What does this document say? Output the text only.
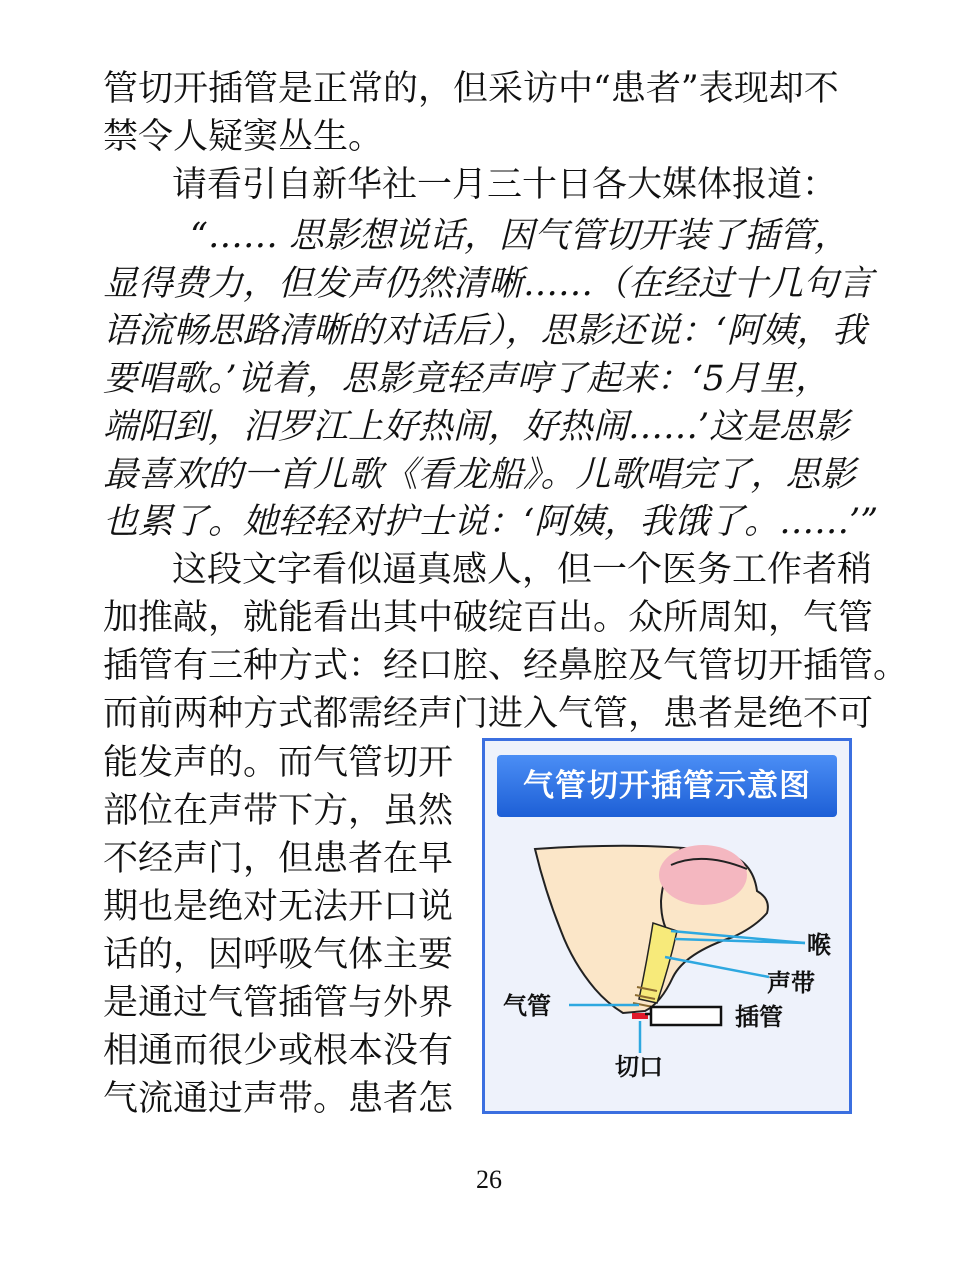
管切开插管是正常的，但采访中“患者”表现却不
禁令人疑窦丛生。
请看引自新华社一月三十日各大媒体报道：
“…… 思影想说话，因气管切开装了插管，
显得费力，但发声仍然清晰……（在经过十几句言
语流畅思路清晰的对话后），思影还说：‘阿姨，我
要唱歌。’说着，思影竟轻声哼了起来：‘5月里，
端阳到，汨罗江上好热闹，好热闹……’这是思影
最喜欢的一首儿歌《看龙船》。儿歌唱完了，思影
也累了。她轻轻对护士说：‘阿姨，我饿了。……’”
这段文字看似逼真感人，但一个医务工作者稍
加推敲，就能看出其中破绽百出。众所周知，气管
插管有三种方式：经口腔、经鼻腔及气管切开插管。
而前两种方式都需经声门进入气管，患者是绝不可
能发声的。而气管切开
部位在声带下方，虽然
不经声门，但患者在早
期也是绝对无法开口说
话的，因呼吸气体主要
是通过气管插管与外界
相通而很少或根本没有
气流通过声带。患者怎
气管切开插管示意图
喉
声带
气管	插管
切口
26
